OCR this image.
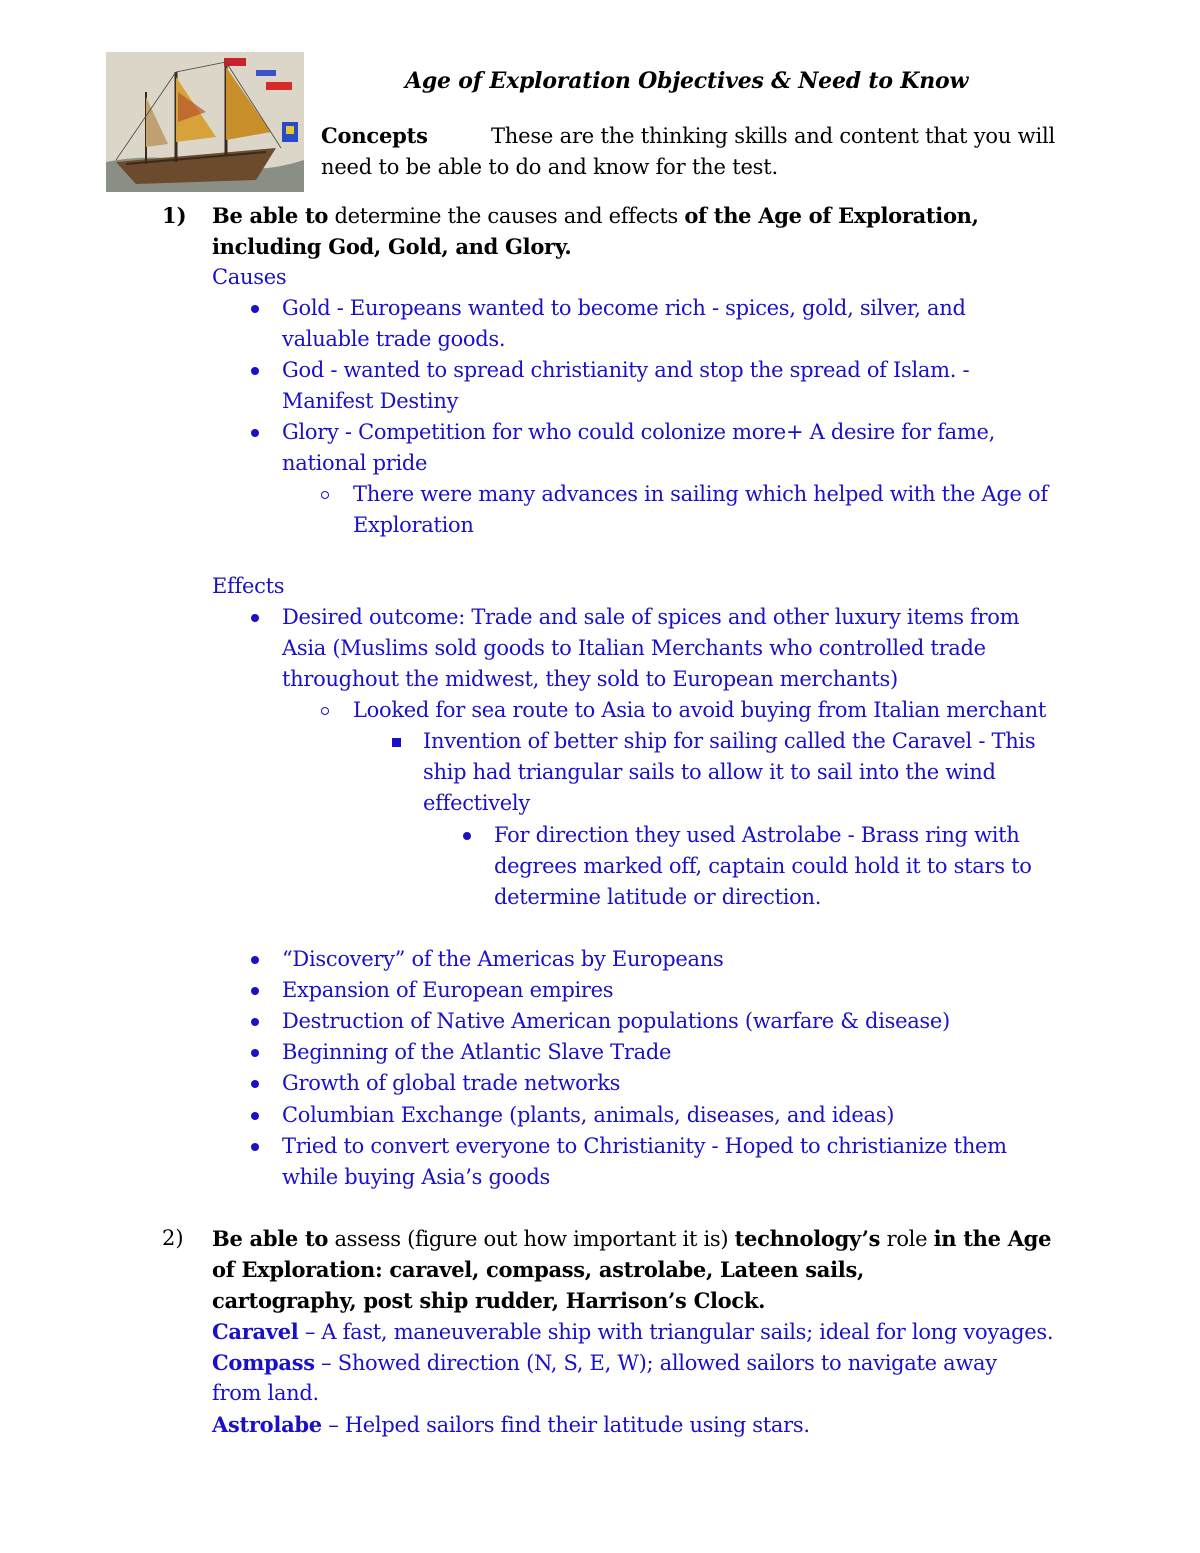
Age of Exploration Objectives & Need to Know
Concepts	These are the thinking skills and content that you will need to be able to do and know for the test.
1) Be able to determine the causes and effects of the Age of Exploration,
including God, Gold, and Glory.
Causes
Gold - Europeans wanted to become rich - spices, gold, silver, and
valuable trade goods.
God - wanted to spread christianity and stop the spread of Islam. -
Manifest Destiny
Glory - Competition for who could colonize more+ A desire for fame,
national pride
There were many advances in sailing which helped with the Age of
Exploration
Effects
Desired outcome: Trade and sale of spices and other luxury items from
Asia (Muslims sold goods to Italian Merchants who controlled trade
throughout the midwest, they sold to European merchants)
Looked for sea route to Asia to avoid buying from Italian merchant
Invention of better ship for sailing called the Caravel - This
ship had triangular sails to allow it to sail into the wind
effectively
For direction they used Astrolabe - Brass ring with
degrees marked off, captain could hold it to stars to
determine latitude or direction.
“Discovery” of the Americas by Europeans
Expansion of European empires
Destruction of Native American populations (warfare & disease)
Beginning of the Atlantic Slave Trade
Growth of global trade networks
Columbian Exchange (plants, animals, diseases, and ideas)
Tried to convert everyone to Christianity - Hoped to christianize them
while buying Asia’s goods
2) Be able to assess (figure out how important it is) technology’s role in the Age
of Exploration: caravel, compass, astrolabe, Lateen sails,
cartography, post ship rudder, Harrison’s Clock.
Caravel – A fast, maneuverable ship with triangular sails; ideal for long voyages.
Compass – Showed direction (N, S, E, W); allowed sailors to navigate away
from land.
Astrolabe – Helped sailors find their latitude using stars.
